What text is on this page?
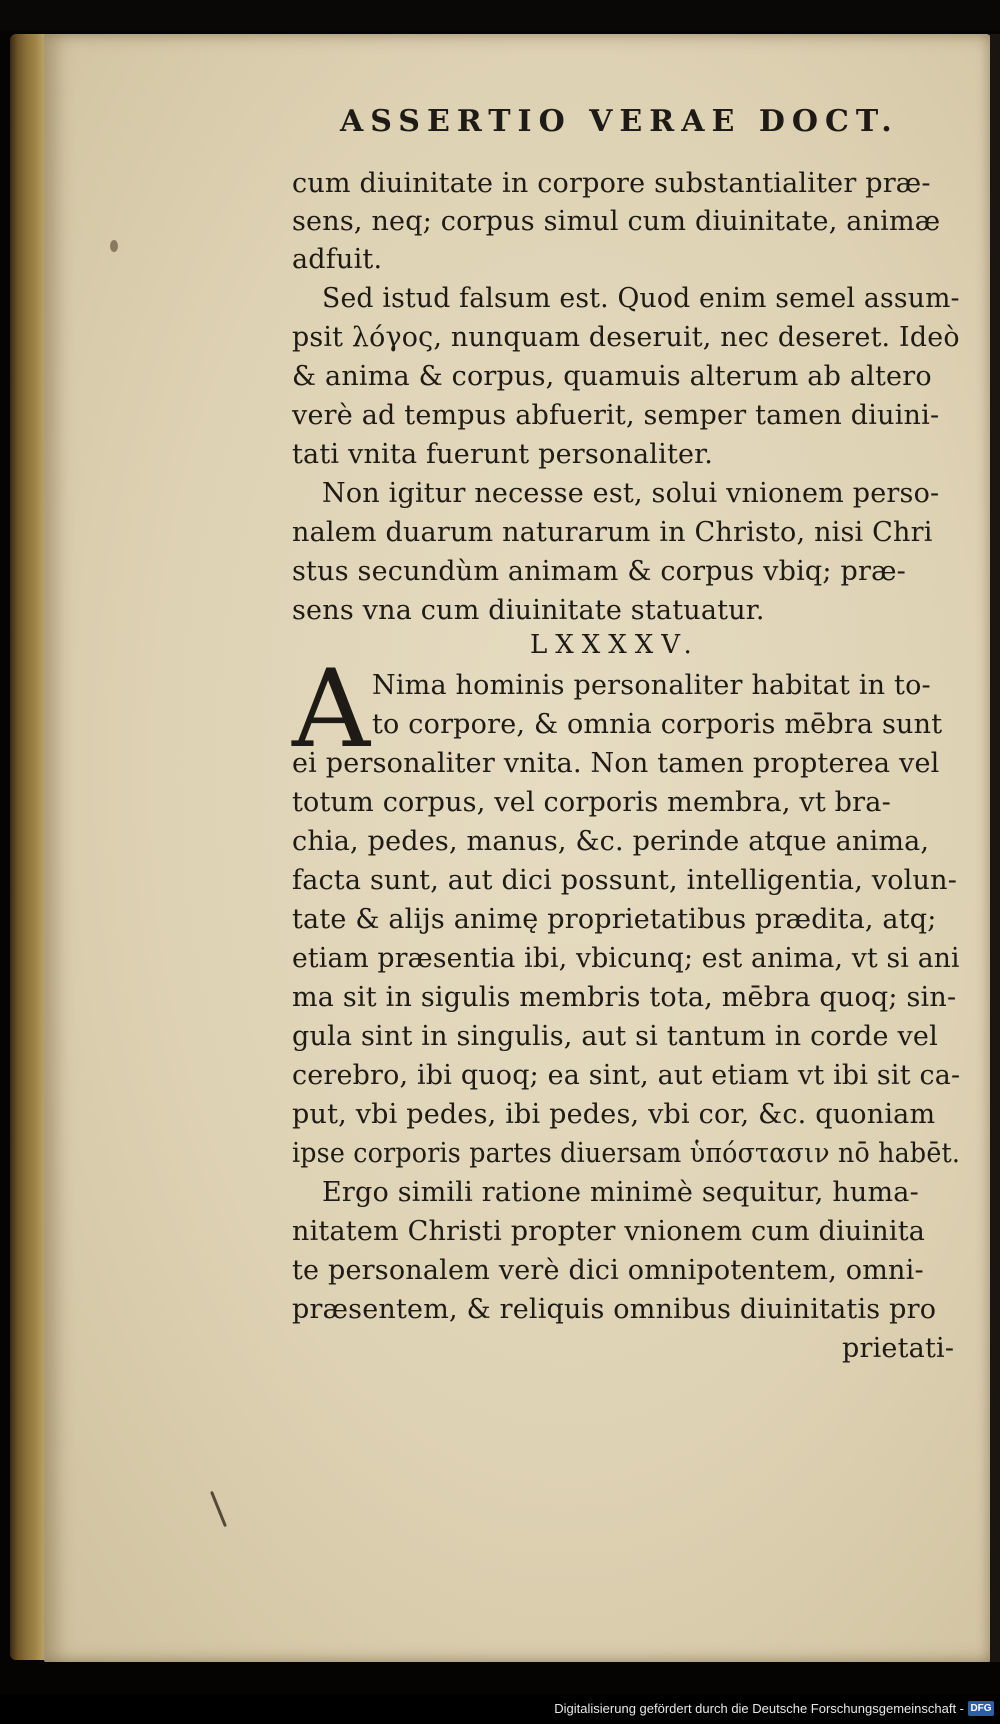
ASSERTIO VERAE DOCT.
cum diuinitate in corpore substantialiter præ-
sens, neq; corpus simul cum diuinitate, animæ
adfuit.
Sed istud falsum est. Quod enim semel assum-
psit λόγος, nunquam deseruit, nec deseret. Ideò
& anima & corpus, quamuis alterum ab altero
verè ad tempus abfuerit, semper tamen diuini-
tati vnita fuerunt personaliter.
Non igitur necesse est, solui vnionem perso-
nalem duarum naturarum in Christo, nisi Chri
stus secundùm animam & corpus vbiq; præ-
sens vna cum diuinitate statuatur.
LXXXXV.
A Nima hominis personaliter habitat in to-
to corpore, & omnia corporis mēbra sunt
ei personaliter vnita. Non tamen propterea vel
totum corpus, vel corporis membra, vt bra-
chia, pedes, manus, &c. perinde atque anima,
facta sunt, aut dici possunt, intelligentia, volun-
tate & alijs animę proprietatibus prædita, atq;
etiam præsentia ibi, vbicunq; est anima, vt si ani
ma sit in sigulis membris tota, mēbra quoq; sin-
gula sint in singulis, aut si tantum in corde vel
cerebro, ibi quoq; ea sint, aut etiam vt ibi sit ca-
put, vbi pedes, ibi pedes, vbi cor, &c. quoniam
ipse corporis partes diuersam ὑπόστασιν nō habēt.
Ergo simili ratione minimè sequitur, huma-
nitatem Christi propter vnionem cum diuinita
te personalem verè dici omnipotentem, omni-
præsentem, & reliquis omnibus diuinitatis pro
prietati-
Digitalisierung gefördert durch die Deutsche Forschungsgemeinschaft - DFG
